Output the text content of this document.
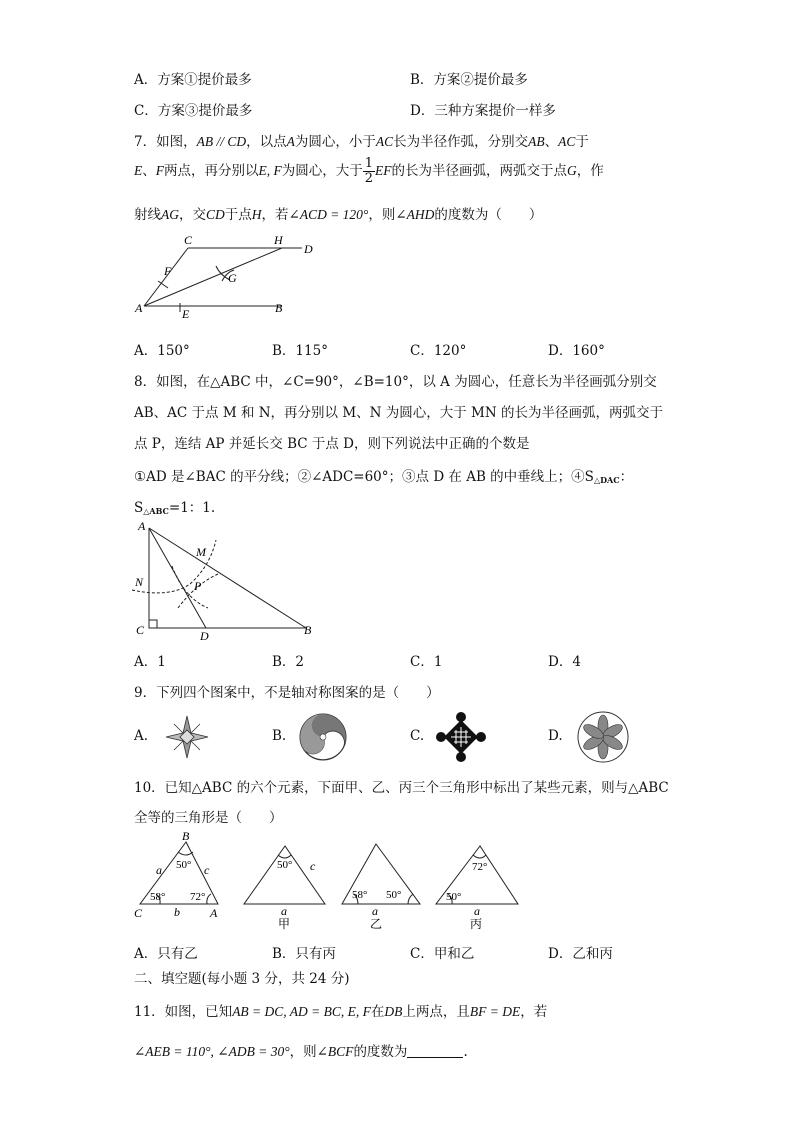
A．方案①提价最多	B．方案②提价最多
C．方案③提价最多	D．三种方案提价一样多
7．如图，AB // CD，以点A为圆心，小于AC长为半径作弧，分别交AB、AC于
E、F两点，再分别以E, F为圆心，大于 $\frac{1}{2}$ EF的长为半径画弧，两弧交于点G，作
射线AG，交CD于点H，若∠ACD = 120°，则∠AHD的度数为（　　）
C	H
D
F	G
A	E	B
A．150°	B．115°	C．120°	D．160°
8．如图，在△ABC 中，∠C=90°，∠B=10°，以 A 为圆心，任意长为半径画弧分别交
AB、AC 于点 M 和 N，再分别以 M、N 为圆心，大于 MN 的长为半径画弧，两弧交于
点 P，连结 AP 并延长交 BC 于点 D，则下列说法中正确的个数是
①AD 是∠BAC 的平分线；②∠ADC=60°；③点 D 在 AB 的中垂线上；$④S_{\triangle DAC}$：
$S_{\triangle ABC}=1$：1.
A
M
N	P
C	D	B
A．1	B．2	C．1	D．4
9．下列四个图案中，不是轴对称图案的是（　　）
A.	B.	C.	D.
10．已知△ABC 的六个元素，下面甲、乙、丙三个三角形中标出了某些元素，则与△ABC
全等的三角形是（　　）
B
a	c
50°
58° 72°
C	b	A
50° c
a
甲
58° 50°
a
乙
72°
50°
a
丙
A．只有乙	B．只有丙	C．甲和乙	D．乙和丙
二、填空题(每小题 3 分，共 24 分)
11．如图，已知AB = DC, AD = BC, E, F在DB上两点，且BF = DE，若
∠AEB = 110°, ∠ADB = 30°，则∠BCF的度数为	.
